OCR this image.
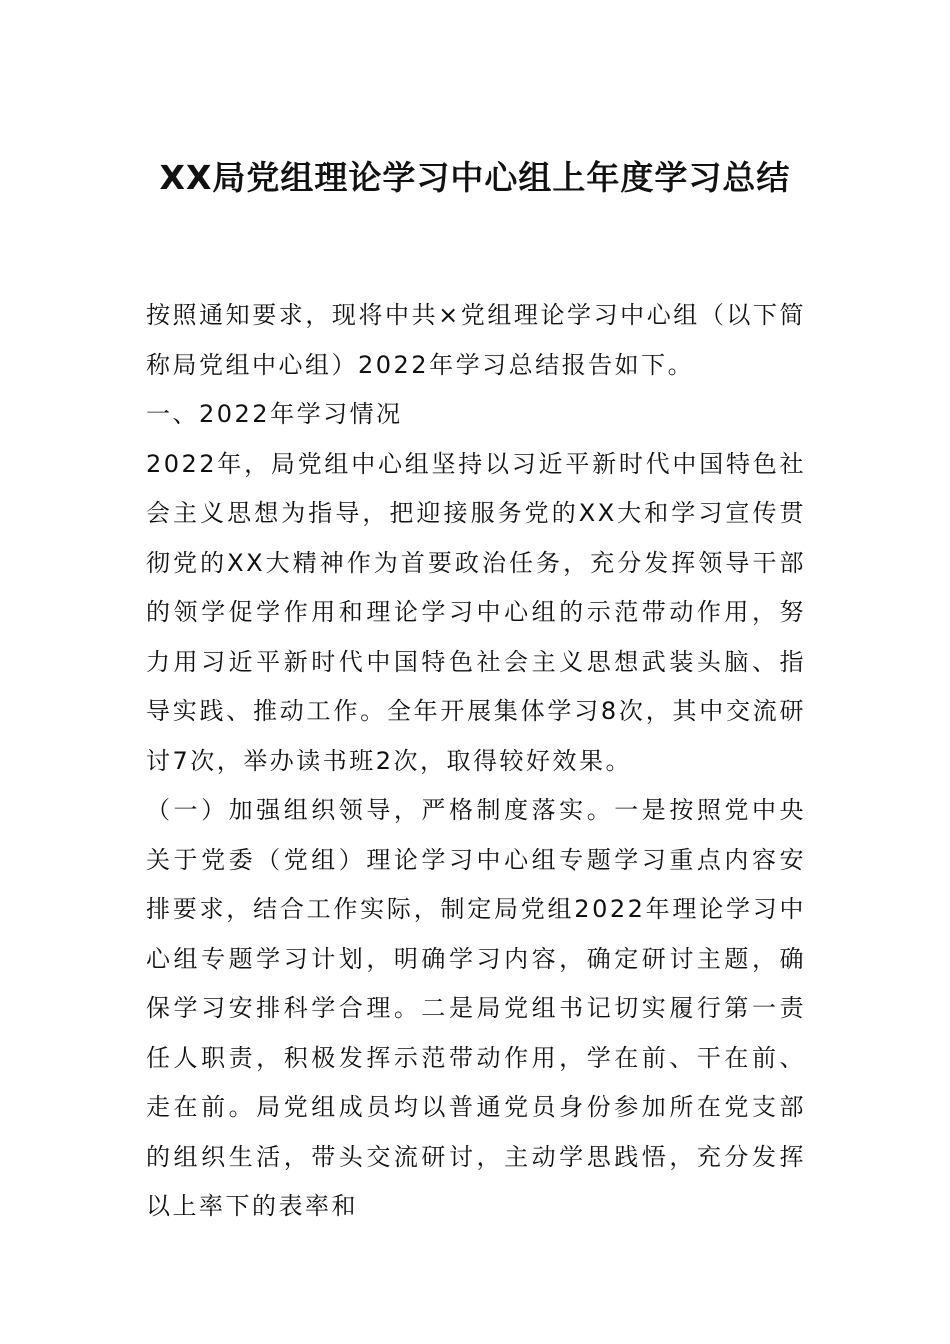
XX局党组理论学习中心组上年度学习总结

按照通知要求，现将中共×党组理论学习中心组（以下简称局党组中心组）2022年学习总结报告如下。

一、2022年学习情况

2022年，局党组中心组坚持以习近平新时代中国特色社会主义思想为指导，把迎接服务党的XX大和学习宣传贯彻党的XX大精神作为首要政治任务，充分发挥领导干部的领学促学作用和理论学习中心组的示范带动作用，努力用习近平新时代中国特色社会主义思想武装头脑、指导实践、推动工作。全年开展集体学习8次，其中交流研讨7次，举办读书班2次，取得较好效果。

（一）加强组织领导，严格制度落实。一是按照党中央关于党委（党组）理论学习中心组专题学习重点内容安排要求，结合工作实际，制定局党组2022年理论学习中心组专题学习计划，明确学习内容，确定研讨主题，确保学习安排科学合理。二是局党组书记切实履行第一责任人职责，积极发挥示范带动作用，学在前、干在前、走在前。局党组成员均以普通党员身份参加所在党支部的组织生活，带头交流研讨，主动学思践悟，充分发挥以上率下的表率和
